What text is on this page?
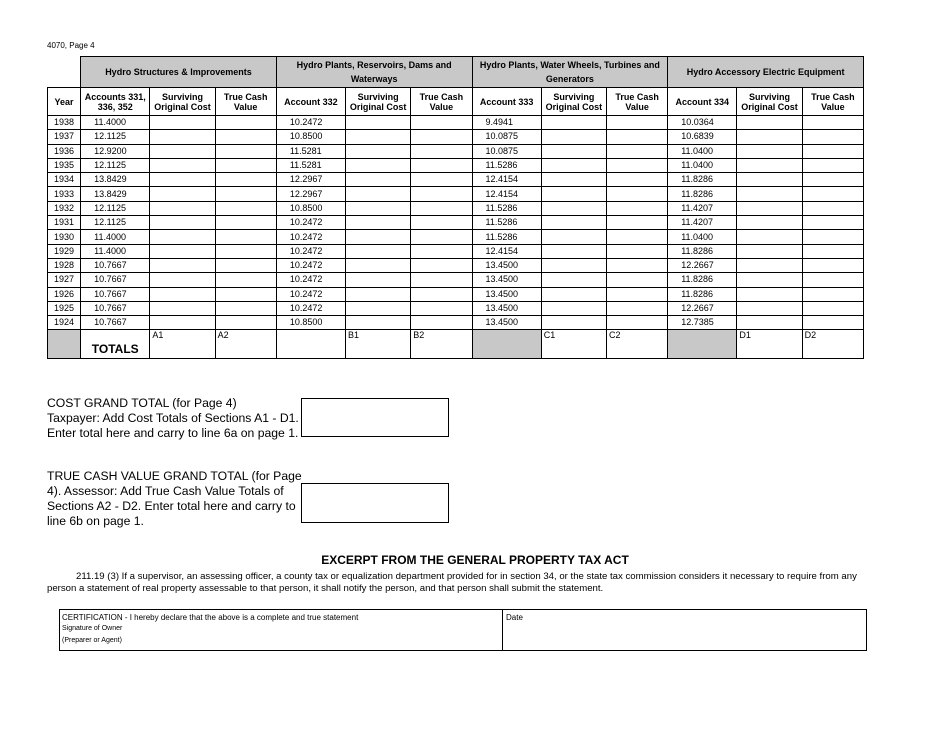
4070, Page 4
	Hydro Structures & Improvements			Hydro Plants, Reservoirs, Dams and Waterways			Hydro Plants, Water Wheels, Turbines and Generators			Hydro Accessory Electric Equipment		
Year	Accounts 331, 336, 352	Surviving Original Cost	True Cash Value	Account 332	Surviving Original Cost	True Cash Value	Account 333	Surviving Original Cost	True Cash Value	Account 334	Surviving Original Cost	True Cash Value
1938	11.4000			10.2472			9.4941			10.0364		
1937	12.1125			10.8500			10.0875			10.6839		
1936	12.9200			11.5281			10.0875			11.0400		
1935	12.1125			11.5281			11.5286			11.0400		
1934	13.8429			12.2967			12.4154			11.8286		
1933	13.8429			12.2967			12.4154			11.8286		
1932	12.1125			10.8500			11.5286			11.4207		
1931	12.1125			10.2472			11.5286			11.4207		
1930	11.4000			10.2472			11.5286			11.0400		
1929	11.4000			10.2472			12.4154			11.8286		
1928	10.7667			10.2472			13.4500			12.2667		
1927	10.7667			10.2472			13.4500			11.8286		
1926	10.7667			10.2472			13.4500			11.8286		
1925	10.7667			10.2472			13.4500			12.2667		
1924	10.7667			10.8500			13.4500			12.7385		

	TOTALS	A1	A2		B1	B2		C1	C2		D1	D2
COST GRAND TOTAL (for Page 4)
Taxpayer: Add Cost Totals of Sections A1 - D1.
Enter total here and carry to line 6a on page 1.
TRUE CASH VALUE GRAND TOTAL (for Page
4). Assessor: Add True Cash Value Totals of
Sections A2 - D2. Enter total here and carry to
line 6b on page 1.
EXCERPT FROM THE GENERAL PROPERTY TAX ACT
211.19 (3) If a supervisor, an assessing officer, a county tax or equalization department provided for in section 34, or the state tax commission considers it necessary to require from any person a statement of real property assessable to that person, it shall notify the person, and that person shall submit the statement.
CERTIFICATION - I hereby declare that the above is a complete and true statement
Signature of Owner
(Preparer or Agent)
Date
